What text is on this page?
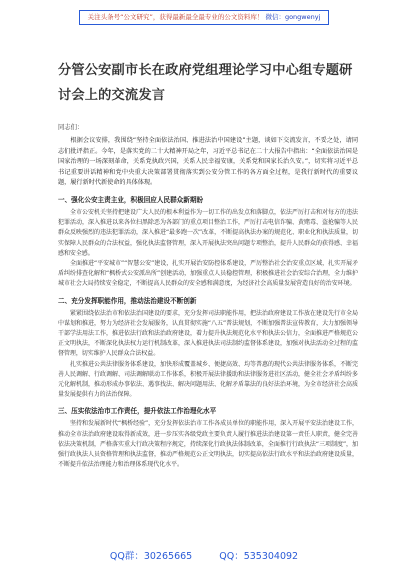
关注头条号“公文研究”，获得最新最全最专业的公文资料库！ 微信：gongwenyj
分管公安副市长在政府党组理论学习中心组专题研讨会上的交流发言
同志们：

根据会议安排，我围绕“坚持全面依法治国、推进法治中国建设”主题，谈如下交流发言，不妥之处，请同志们批评指正。今年，是落实党的二十大精神开局之年，习近平总书记在二十大报告中指出：“全面依法治国是国家治理的一场深刻革命，关系党执政兴国，关系人民幸福安康，关系党和国家长治久安。”，切实将习近平总书记重要讲话精神和党中央重大决策部署贯彻落实到公安分管工作的各方面全过程，是我行新时代的重要议题，履行新时代新使命的具体体现。

一、强化公安主责主业，积极回应人民群众新期盼

全市公安机关坚持把建设广大人民的根本利益作为一切工作的出发点和落脚点，依法严厉打击和对每方的违法犯罪活动，深入推进以来各位扫黑除恶为各部门的重点项目整治工作，严厉打击电信诈骗、黄赌毒、盗抢骗等人民群众反映强烈的违法犯罪活动，深入推进“最多跑一次”改革，不断提高执法办案的规范化、职业化和执法质量，切实保障人民群众的合法权益，强化执法监督管理，深入开展执法突出问题专项整治，提升人民群众的获得感、幸福感和安全感。

全面推进“平安城市”“智慧公安”建设，扎实开展治安防控体系建设，严厉整治社会治安重点区域，扎实开展矛盾纠纷排查化解和“枫桥式公安派出所”创建活动，加强重点人员稳控管理，积极推进社会治安综合治理，全力维护城市社会大局持续安全稳定，不断提高人民群众的安全感和满意度，为经济社会高质量发展营造良好的治安环境。

二、充分发挥职能作用，推动法治建设不断创新

紧紧围绕依法治市和依法治国建设的要求，充分发挥司法职能作用，把法治政府建设工作放在建设先行市全局中谋划和推进，努力为经济社会发展服务，认真贯彻实施“八五”普法规划，不断加强普法宣传教育，大力加强领导干部学法用法工作，推进依法行政和法治政府建设，着力提升执法规范化水平和执法公信力，全面推进严格规范公正文明执法，不断深化执法权力运行机制改革，深入推进执法司法制约监督体系建设，加强对执法活动全过程的监督管理，切实维护人民群众合法权益。

扎实推进公共法律服务体系建设，加快形成覆盖城乡、便捷高效、均等普惠的现代公共法律服务体系，不断完善人民调解、行政调解、司法调解联动工作体系，积极开展法律援助和法律服务进社区活动，健全社会矛盾纠纷多元化解机制，推动形成办事依法、遇事找法、解决问题用法、化解矛盾靠法的良好法治环境，为全市经济社会高质量发展提供有力的法治保障。

三、压实依法治市工作责任，提升依法工作治理化水平

坚持和发展新时代“枫桥经验”，充分发挥依法治市工作各成员单位的职能作用，深入开展平安法治建设工作，推动全市法治政府建设取得新成效，进一步压实各级党政主要负责人履行推进法治建设第一责任人职责，健全完善依法决策机制，严格落实重大行政决策程序规定，持续深化行政执法体制改革，全面推行行政执法“三项制度”，加强行政执法人员资格管理和执法监督，推动严格规范公正文明执法，切实提高依法行政水平和法治政府建设质量，不断提升依法治理能力和治理体系现代化水平。

QQ群：30265665	QQ：535304092
